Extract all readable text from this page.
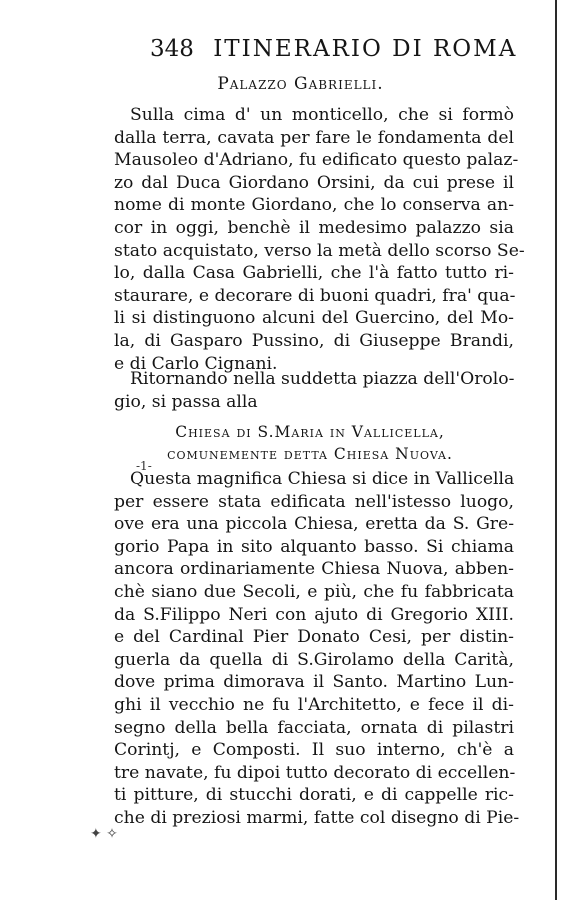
348 ITINERARIO DI ROMA
Palazzo Gabrielli.
Sulla cima d' un monticello, che si formò
dalla terra, cavata per fare le fondamenta del
Mausoleo d'Adriano, fu edificato questo palaz-
zo dal Duca Giordano Orsini, da cui prese il
nome di monte Giordano, che lo conserva an-
cor in oggi, benchè il medesimo palazzo sia
stato acquistato, verso la metà dello scorso Se-
lo, dalla Casa Gabrielli, che l'à fatto tutto ri-
staurare, e decorare di buoni quadri, fra' qua-
li si distinguono alcuni del Guercino, del Mo-
la, di Gasparo Pussino, di Giuseppe Brandi,
e di Carlo Cignani.
Ritornando nella suddetta piazza dell'Orolo-
gio, si passa alla
Chiesa di S.Maria in Vallicella,
comunemente detta Chiesa Nuova.
-1-
Questa magnifica Chiesa si dice in Vallicella
per essere stata edificata nell'istesso luogo,
ove era una piccola Chiesa, eretta da S. Gre-
gorio Papa in sito alquanto basso. Si chiama
ancora ordinariamente Chiesa Nuova, abben-
chè siano due Secoli, e più, che fu fabbricata
da S.Filippo Neri con ajuto di Gregorio XIII.
e del Cardinal Pier Donato Cesi, per distin-
guerla da quella di S.Girolamo della Carità,
dove prima dimorava il Santo. Martino Lun-
ghi il vecchio ne fu l'Architetto, e fece il di-
segno della bella facciata, ornata di pilastri
Corintj, e Composti. Il suo interno, ch'è a
tre navate, fu dipoi tutto decorato di eccellen-
ti pitture, di stucchi dorati, e di cappelle ric-
che di preziosi marmi, fatte col disegno di Pie-
✦ ✧
